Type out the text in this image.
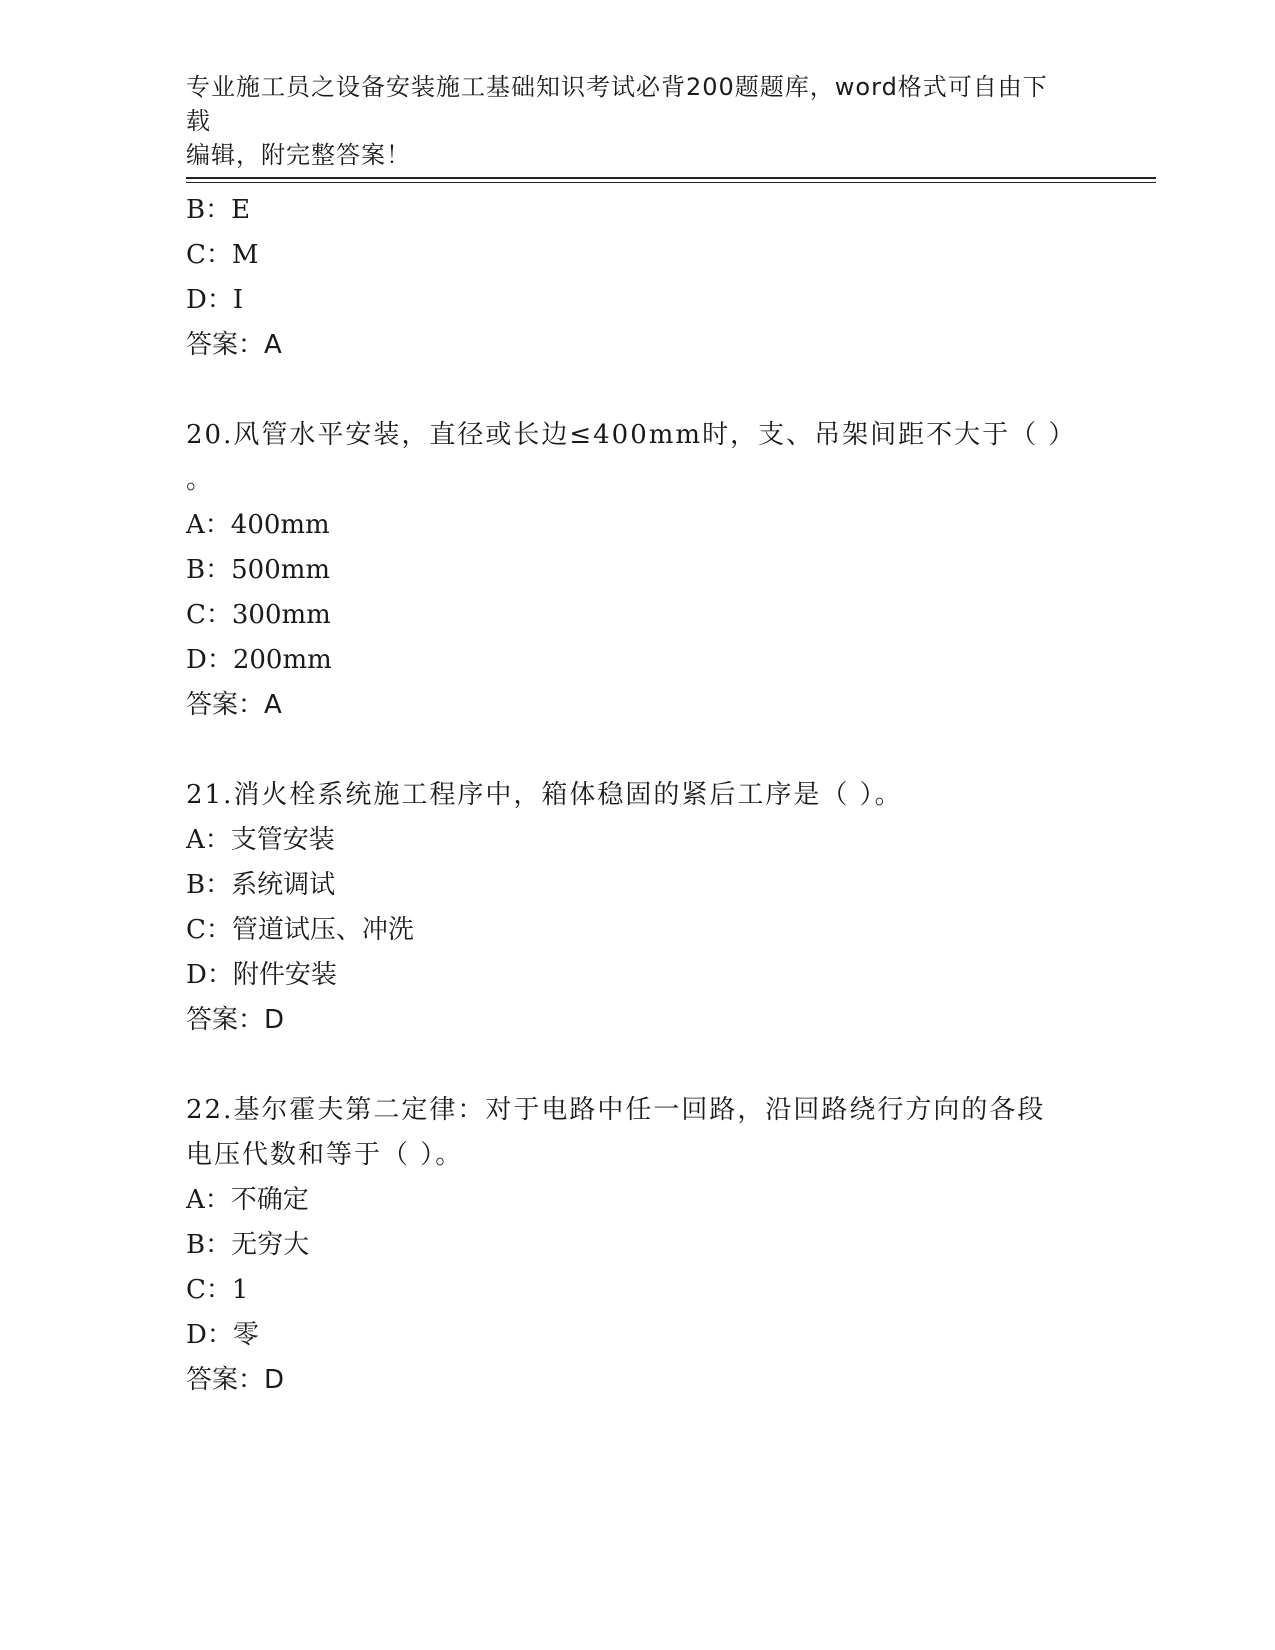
专业施工员之设备安装施工基础知识考试必背200题题库，word格式可自由下载
编辑，附完整答案！
B：E
C：M
D：I
答案：A
20.风管水平安装，直径或长边≤400mm时，支、吊架间距不大于（ ）
。
A：400mm
B：500mm
C：300mm
D：200mm
答案：A
21.消火栓系统施工程序中，箱体稳固的紧后工序是（ ）。
A：支管安装
B：系统调试
C：管道试压、冲洗
D：附件安装
答案：D
22.基尔霍夫第二定律：对于电路中任一回路，沿回路绕行方向的各段
电压代数和等于（ ）。
A：不确定
B：无穷大
C：1
D：零
答案：D
